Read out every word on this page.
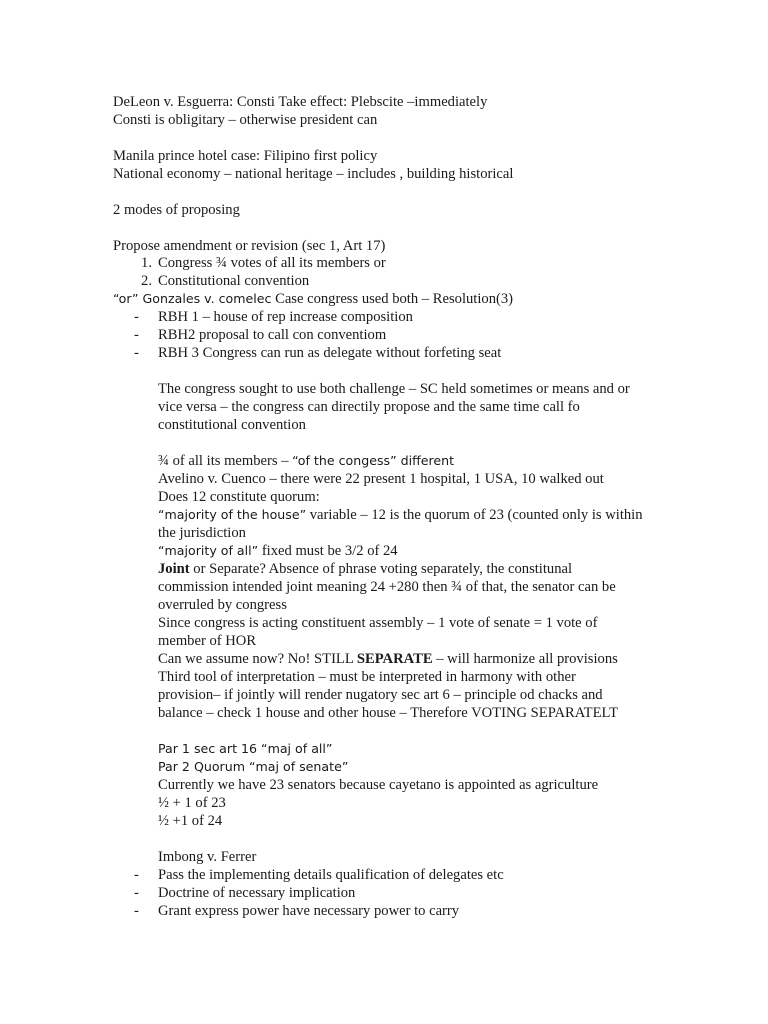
DeLeon v. Esguerra: Consti Take effect: Plebscite –immediately
Consti is obligitary – otherwise president can
Manila prince hotel case: Filipino first policy
National economy – national heritage – includes , building historical
2 modes of proposing
Propose amendment or revision (sec 1, Art 17)
1. Congress ¾ votes of all its members or
2. Constitutional convention
“or” Gonzales v. comelec Case congress used both – Resolution(3)
- RBH 1 – house of rep increase composition
- RBH2 proposal to call con conventiom
- RBH 3 Congress can run as delegate without forfeting seat
The congress sought to use both challenge – SC held sometimes or means and or
vice versa – the congress can directily propose and the same time call fo
constitutional convention
¾ of all its members – “of the congess” different
Avelino v. Cuenco – there were 22 present 1 hospital, 1 USA, 10 walked out
Does 12 constitute quorum:
“majority of the house” variable – 12 is the quorum of 23 (counted only is within
the jurisdiction
“majority of all” fixed must be 3/2 of 24
Joint or Separate? Absence of phrase voting separately, the constitunal
commission intended joint meaning 24 +280 then ¾ of that, the senator can be
overruled by congress
Since congress is acting constituent assembly – 1 vote of senate = 1 vote of
member of HOR
Can we assume now? No! STILL SEPARATE – will harmonize all provisions
Third tool of interpretation – must be interpreted in harmony with other
provision– if jointly will render nugatory sec art 6 – principle od chacks and
balance – check 1 house and other house – Therefore VOTING SEPARATELT
Par 1 sec art 16 “maj of all”
Par 2 Quorum “maj of senate”
Currently we have 23 senators because cayetano is appointed as agriculture
½ + 1 of 23
½ +1 of 24
Imbong v. Ferrer
- Pass the implementing details qualification of delegates etc
- Doctrine of necessary implication
- Grant express power have necessary power to carry
